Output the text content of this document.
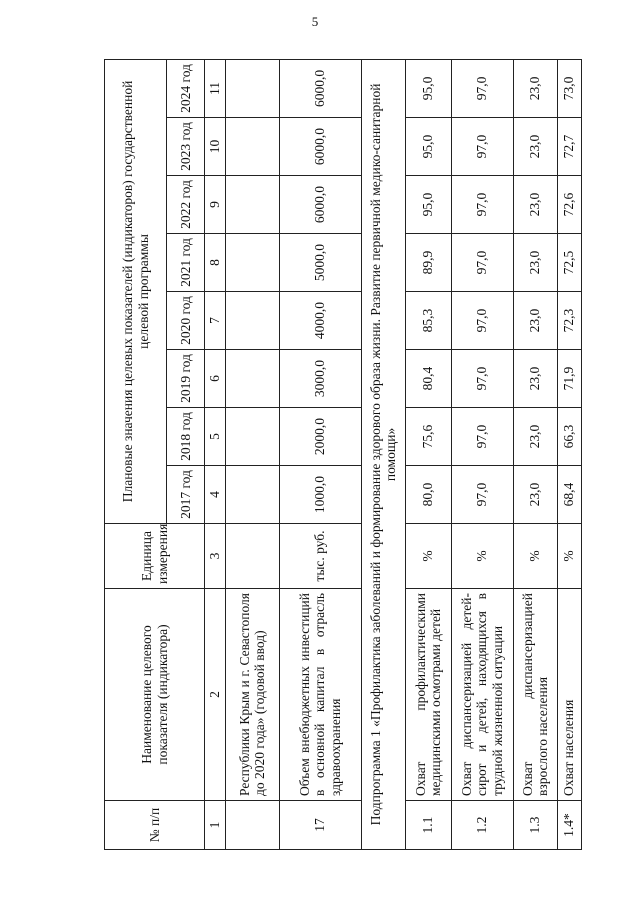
5
№ п/п	Наименование целевого показателя (индикатора)	Единица измерения	Плановые значения целевых показателей (индикаторов) государственной целевой программы							
			2017 год	2018 год	2019 год	2020 год	2021 год	2022 год	2023 год	2024 год
1	2	3	4	5	6	7	8	9	10	11
	Республики Крым и г. Севастополя до 2020 года» (годовой ввод)									
17	Объем внебюджетных инвестиций в основной капитал в отрасль здравоохранения	тыс. руб.	1000,0	2000,0	3000,0	4000,0	5000,0	6000,0	6000,0	6000,0
Подпрограмма 1 «Профилактика заболеваний и формирование здорового образа жизни. Развитие первичной медико-санитарной помощи»										
1.1	Охват профилактическими медицинскими осмотрами детей	%	80,0	75,6	80,4	85,3	89,9	95,0	95,0	95,0
1.2	Охват диспансеризацией детей-сирот и детей, находящихся в трудной жизненной ситуации	%	97,0	97,0	97,0	97,0	97,0	97,0	97,0	97,0
1.3	Охват диспансеризацией взрослого населения	%	23,0	23,0	23,0	23,0	23,0	23,0	23,0	23,0
1.4*	Охват населения	%	68,4	66,3	71,9	72,3	72,5	72,6	72,7	73,0
